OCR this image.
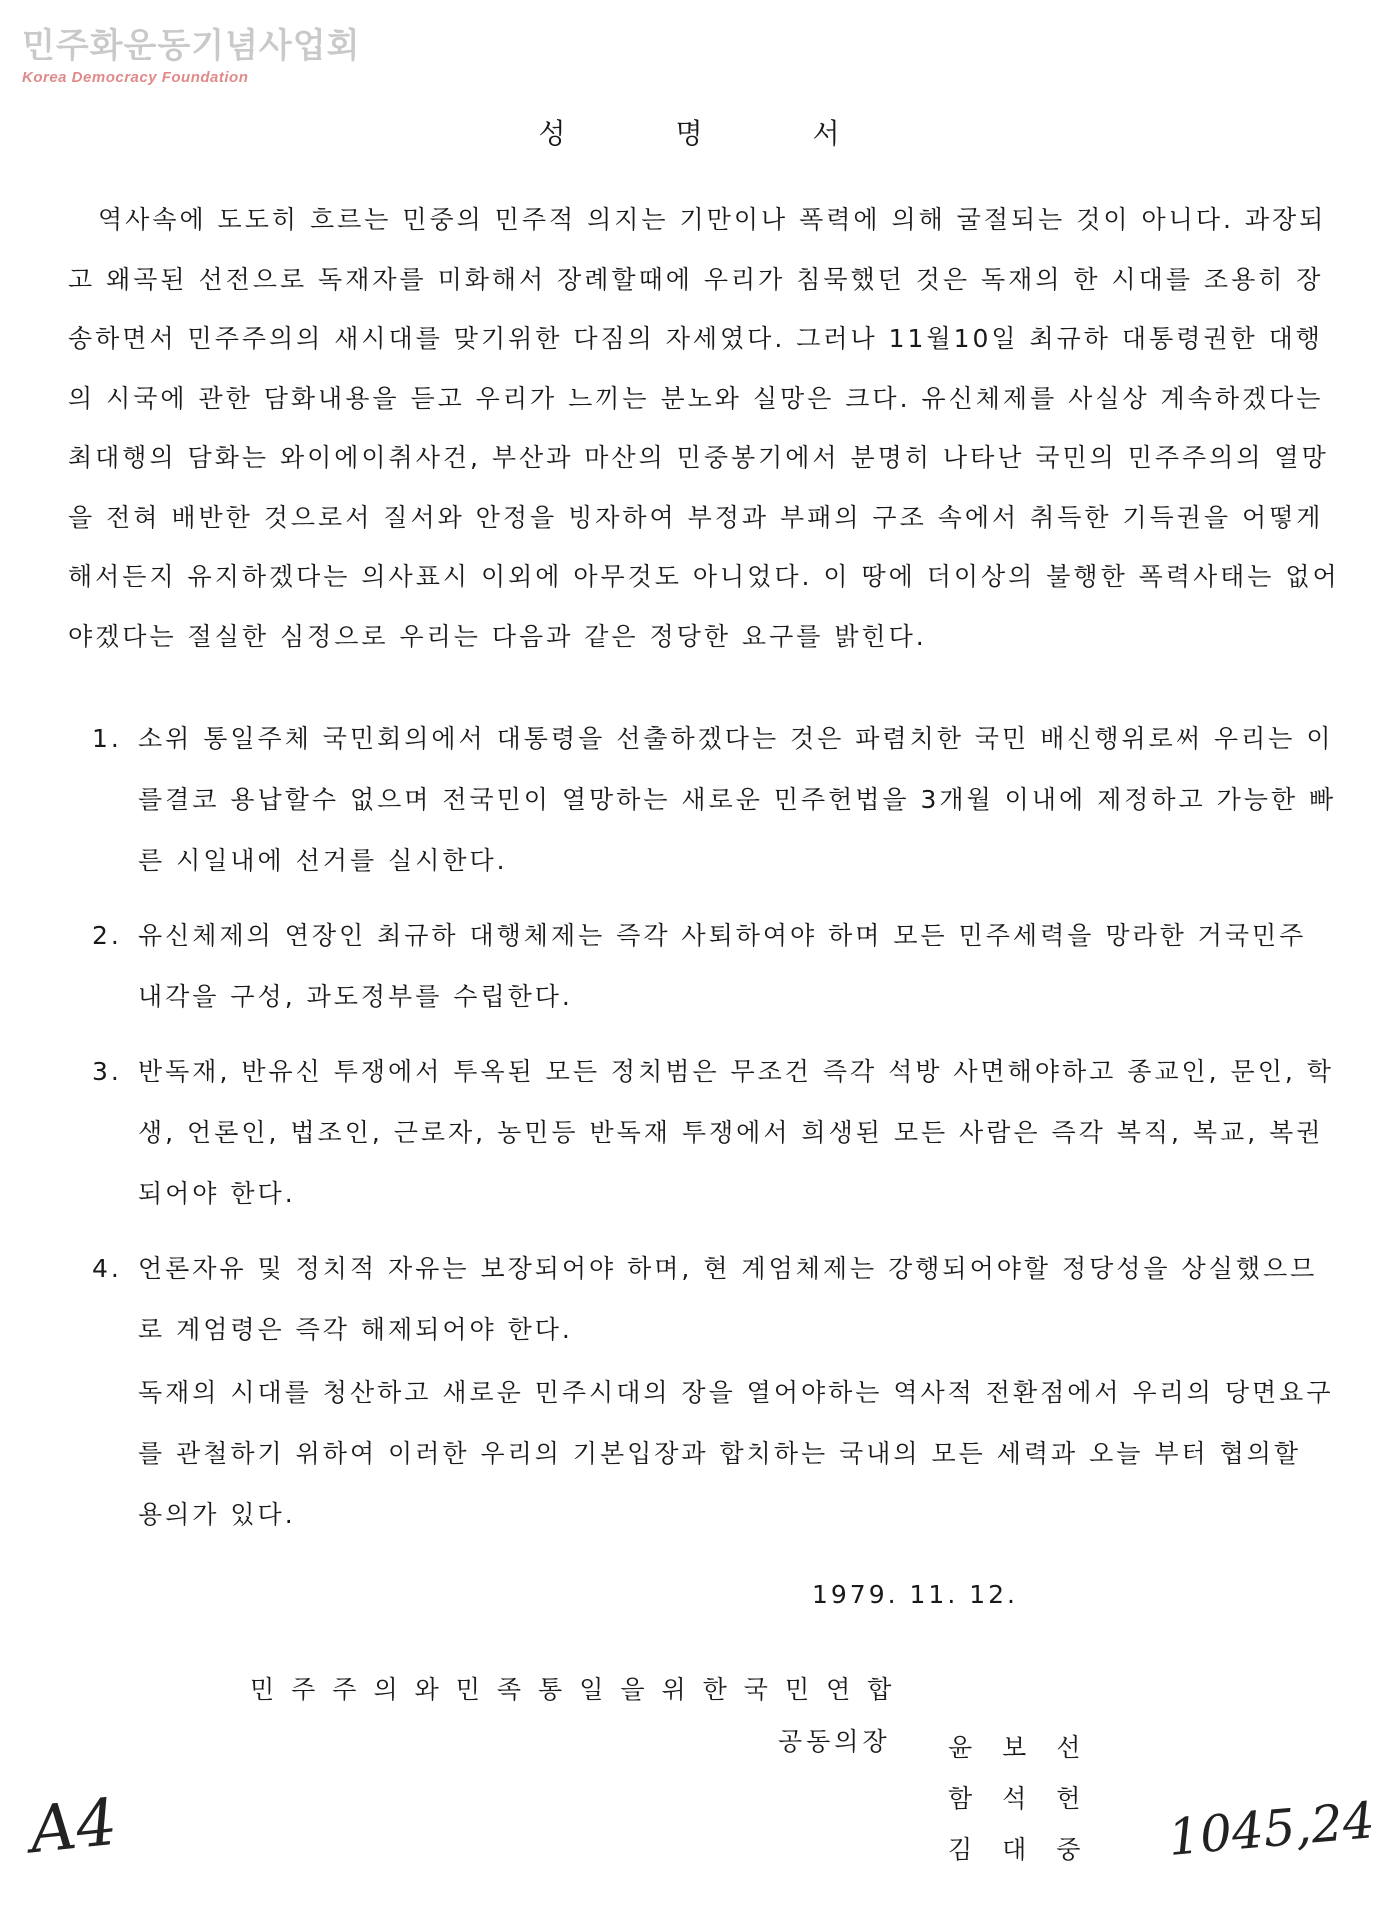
민주화운동기념사업회
Korea Democracy Foundation
성명서

역사속에 도도히 흐르는 민중의 민주적 의지는 기만이나 폭력에 의해 굴절되는 것이 아니다. 과장되고 왜곡된 선전으로 독재자를 미화해서 장례할때에 우리가 침묵했던 것은 독재의 한 시대를 조용히 장송하면서 민주주의의 새시대를 맞기위한 다짐의 자세였다. 그러나 11월10일 최규하 대통령권한 대행의 시국에 관한 담화내용을 듣고 우리가 느끼는 분노와 실망은 크다. 유신체제를 사실상 계속하겠다는 최대행의 담화는 와이에이취사건, 부산과 마산의 민중봉기에서 분명히 나타난 국민의 민주주의의 열망을 전혀 배반한 것으로서 질서와 안정을 빙자하여 부정과 부패의 구조 속에서 취득한 기득권을 어떻게 해서든지 유지하겠다는 의사표시 이외에 아무것도 아니었다. 이 땅에 더이상의 불행한 폭력사태는 없어야겠다는 절실한 심정으로 우리는 다음과 같은 정당한 요구를 밝힌다.

1. 소위 통일주체 국민회의에서 대통령을 선출하겠다는 것은 파렴치한 국민 배신행위로써 우리는 이를결코 용납할수 없으며 전국민이 열망하는 새로운 민주헌법을 3개월 이내에 제정하고 가능한 빠른 시일내에 선거를 실시한다.
2. 유신체제의 연장인 최규하 대행체제는 즉각 사퇴하여야 하며 모든 민주세력을 망라한 거국민주 내각을 구성, 과도정부를 수립한다.
3. 반독재, 반유신 투쟁에서 투옥된 모든 정치범은 무조건 즉각 석방 사면해야하고 종교인, 문인, 학생, 언론인, 법조인, 근로자, 농민등 반독재 투쟁에서 희생된 모든 사람은 즉각 복직, 복교, 복권되어야 한다.
4. 언론자유 및 정치적 자유는 보장되어야 하며, 현 계엄체제는 강행되어야할 정당성을 상실했으므로 계엄령은 즉각 해제되어야 한다.

독재의 시대를 청산하고 새로운 민주시대의 장을 열어야하는 역사적 전환점에서 우리의 당면요구를 관철하기 위하여 이러한 우리의 기본입장과 합치하는 국내의 모든 세력과 오늘 부터 협의할 용의가 있다.

1979. 11. 12.
민주주의와민족통일을위한국민연합
공동의장 윤보선
함석헌
김대중
A4	1045,24
